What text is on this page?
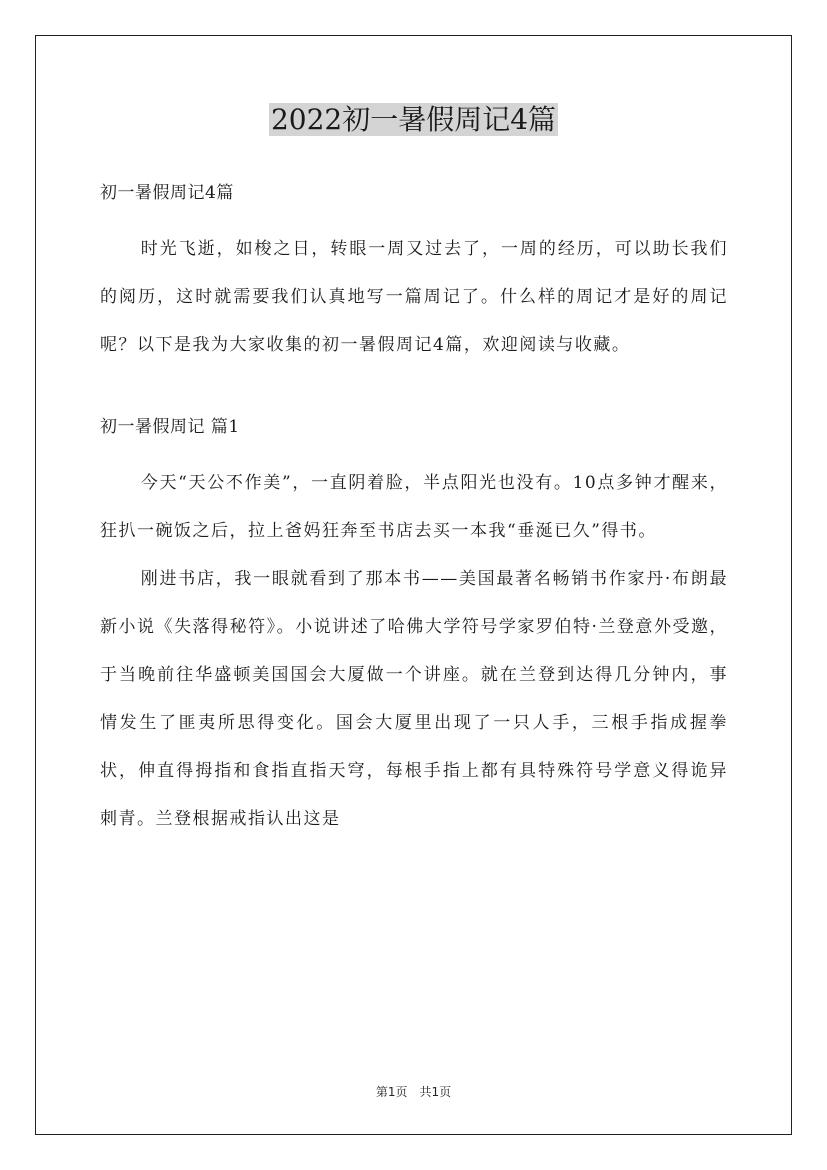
2022初一暑假周记4篇

初一暑假周记4篇

时光飞逝，如梭之日，转眼一周又过去了，一周的经历，可以助长我们的阅历，这时就需要我们认真地写一篇周记了。什么样的周记才是好的周记呢？以下是我为大家收集的初一暑假周记4篇，欢迎阅读与收藏。

初一暑假周记 篇1

今天“天公不作美”，一直阴着脸，半点阳光也没有。10点多钟才醒来，狂扒一碗饭之后，拉上爸妈狂奔至书店去买一本我“垂涎已久”得书。

刚进书店，我一眼就看到了那本书——美国最著名畅销书作家丹·布朗最新小说《失落得秘符》。小说讲述了哈佛大学符号学家罗伯特·兰登意外受邀，于当晚前往华盛顿美国国会大厦做一个讲座。就在兰登到达得几分钟内，事情发生了匪夷所思得变化。国会大厦里出现了一只人手，三根手指成握拳状，伸直得拇指和食指直指天穹，每根手指上都有具特殊符号学意义得诡异刺青。兰登根据戒指认出这是

第1页　共1页
